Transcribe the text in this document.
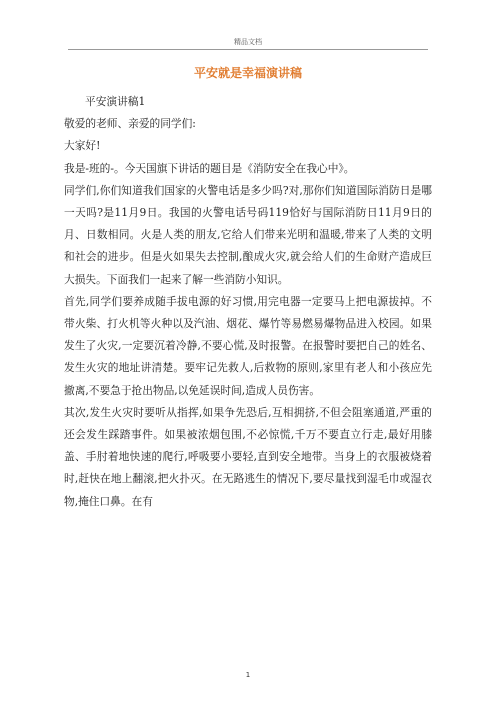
精品文档
平安就是幸福演讲稿

平安演讲稿1

敬爱的老师、亲爱的同学们:

大家好!

我是-班的-。今天国旗下讲话的题目是《消防安全在我心中》。

同学们,你们知道我们国家的火警电话是多少吗?对,那你们知道国际消防日是哪一天吗?是11月9日。我国的火警电话号码119恰好与国际消防日11月9日的月、日数相同。火是人类的朋友,它给人们带来光明和温暖,带来了人类的文明和社会的进步。但是火如果失去控制,酿成火灾,就会给人们的生命财产造成巨大损失。下面我们一起来了解一些消防小知识。

首先,同学们要养成随手拔电源的好习惯,用完电器一定要马上把电源拔掉。不带火柴、打火机等火种以及汽油、烟花、爆竹等易燃易爆物品进入校园。如果发生了火灾,一定要沉着冷静,不要心慌,及时报警。在报警时要把自己的姓名、发生火灾的地址讲清楚。要牢记先救人,后救物的原则,家里有老人和小孩应先撤离,不要急于抢出物品,以免延误时间,造成人员伤害。

其次,发生火灾时要听从指挥,如果争先恐后,互相拥挤,不但会阻塞通道,严重的还会发生踩踏事件。如果被浓烟包围,不必惊慌,千万不要直立行走,最好用膝盖、手肘着地快速的爬行,呼吸要小要轻,直到安全地带。当身上的衣服被烧着时,赶快在地上翻滚,把火扑灭。在无路逃生的情况下,要尽量找到湿毛巾或湿衣物,掩住口鼻。在有

1
